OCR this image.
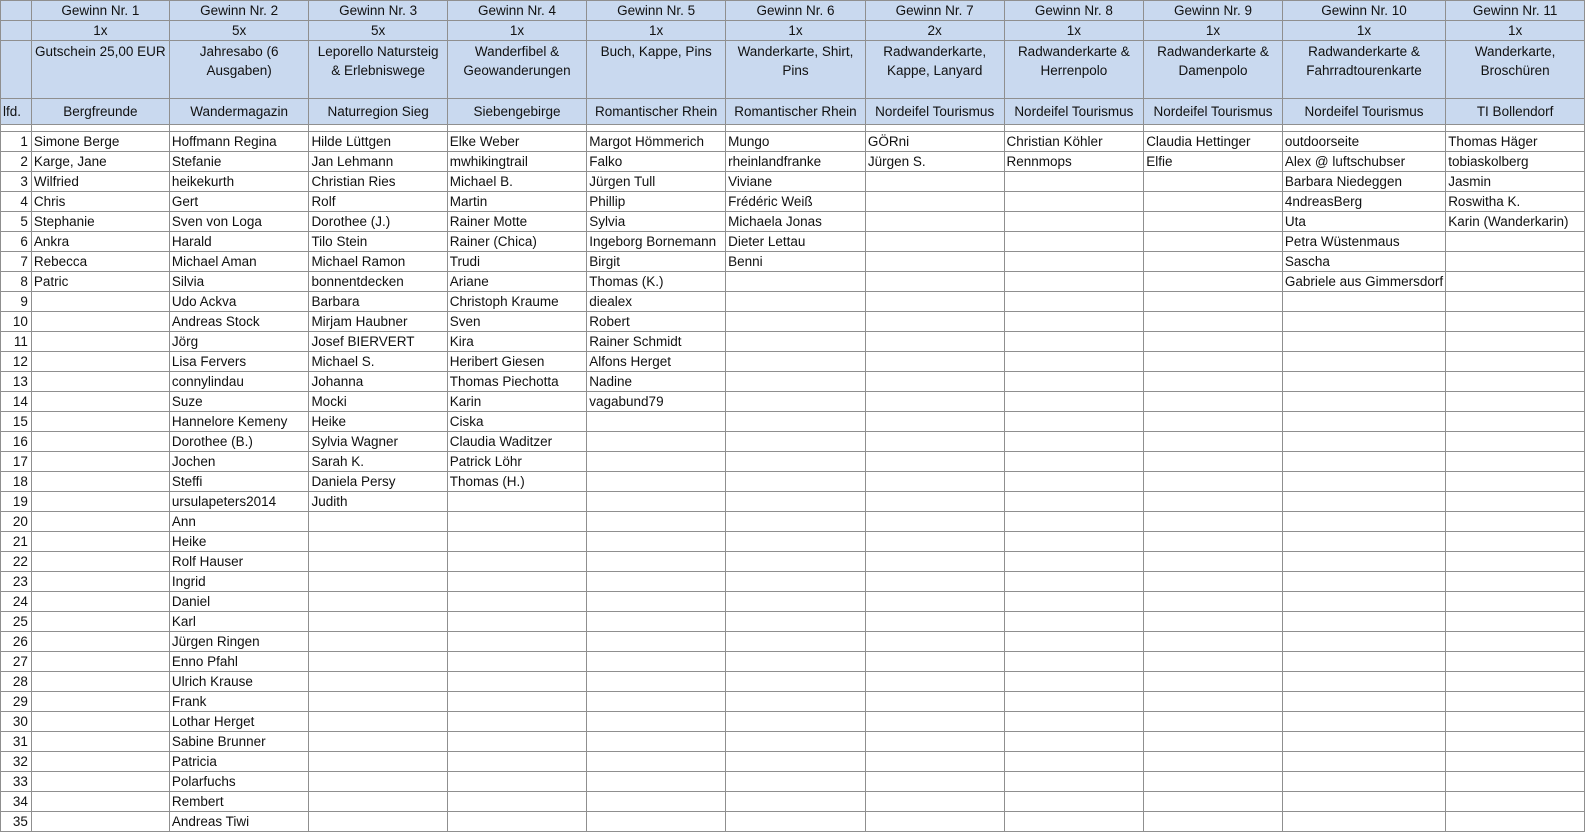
	Gewinn Nr. 1	Gewinn Nr. 2	Gewinn Nr. 3	Gewinn Nr. 4	Gewinn Nr. 5	Gewinn Nr. 6	Gewinn Nr. 7	Gewinn Nr. 8	Gewinn Nr. 9	Gewinn Nr. 10	Gewinn Nr. 11
	1x	5x	5x	1x	1x	1x	2x	1x	1x	1x	1x
	Gutschein 25,00 EUR	Jahresabo (6 Ausgaben)	Leporello Natursteig & Erlebniswege	Wanderfibel & Geowanderungen	Buch, Kappe, Pins	Wanderkarte, Shirt, Pins	Radwanderkarte, Kappe, Lanyard	Radwanderkarte & Herrenpolo	Radwanderkarte & Damenpolo	Radwanderkarte & Fahrradtourenkarte	Wanderkarte, Broschüren
lfd.	Bergfreunde	Wandermagazin	Naturregion Sieg	Siebengebirge	Romantischer Rhein	Romantischer Rhein	Nordeifel Tourismus	Nordeifel Tourismus	Nordeifel Tourismus	Nordeifel Tourismus	TI Bollendorf

1	Simone Berge	Hoffmann Regina	Hilde Lüttgen	Elke Weber	Margot Hömmerich	Mungo	GÖRni	Christian Köhler	Claudia Hettinger	outdoorseite	Thomas Häger
2	Karge, Jane	Stefanie	Jan Lehmann	mwhikingtrail	Falko	rheinlandfranke	Jürgen S.	Rennmops	Elfie	Alex @ luftschubser	tobiaskolberg
3	Wilfried	heikekurth	Christian Ries	Michael B.	Jürgen Tull	Viviane				Barbara Niedeggen	Jasmin
4	Chris	Gert	Rolf	Martin	Phillip	Frédéric Weiß				4ndreasBerg	Roswitha K.
5	Stephanie	Sven von Loga	Dorothee (J.)	Rainer Motte	Sylvia	Michaela Jonas				Uta	Karin (Wanderkarin)
6	Ankra	Harald	Tilo Stein	Rainer (Chica)	Ingeborg Bornemann	Dieter Lettau				Petra Wüstenmaus	
7	Rebecca	Michael Aman	Michael Ramon	Trudi	Birgit	Benni				Sascha	
8	Patric	Silvia	bonnentdecken	Ariane	Thomas (K.)					Gabriele aus Gimmersdorf	
9		Udo Ackva	Barbara	Christoph Kraume	diealex						
10		Andreas Stock	Mirjam Haubner	Sven	Robert						
11		Jörg	Josef BIERVERT	Kira	Rainer Schmidt						
12		Lisa Fervers	Michael S.	Heribert Giesen	Alfons Herget						
13		connylindau	Johanna	Thomas Piechotta	Nadine						
14		Suze	Mocki	Karin	vagabund79						
15		Hannelore Kemeny	Heike	Ciska							
16		Dorothee (B.)	Sylvia Wagner	Claudia Waditzer							
17		Jochen	Sarah K.	Patrick Löhr							
18		Steffi	Daniela Persy	Thomas (H.)							
19		ursulapeters2014	Judith								
20		Ann									
21		Heike									
22		Rolf Hauser									
23		Ingrid									
24		Daniel									
25		Karl									
26		Jürgen Ringen									
27		Enno Pfahl									
28		Ulrich Krause									
29		Frank									
30		Lothar Herget									
31		Sabine Brunner									
32		Patricia									
33		Polarfuchs									
34		Rembert									
35		Andreas Tiwi									
